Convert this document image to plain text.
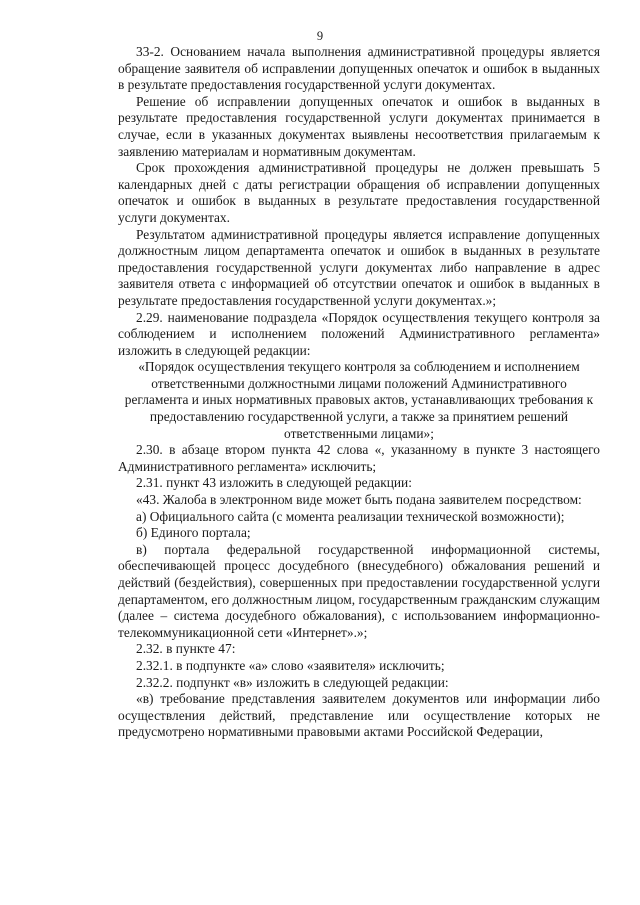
9

33-2. Основанием начала выполнения административной процедуры является обращение заявителя об исправлении допущенных опечаток и ошибок в выданных в результате предоставления государственной услуги документах.

Решение об исправлении допущенных опечаток и ошибок в выданных в результате предоставления государственной услуги документах принимается в случае, если в указанных документах выявлены несоответствия прилагаемым к заявлению материалам и нормативным документам.

Срок прохождения административной процедуры не должен превышать 5 календарных дней с даты регистрации обращения об исправлении допущенных опечаток и ошибок в выданных в результате предоставления государственной услуги документах.

Результатом административной процедуры является исправление допущенных должностным лицом департамента опечаток и ошибок в выданных в результате предоставления государственной услуги документах либо направление в адрес заявителя ответа с информацией об отсутствии опечаток и ошибок в выданных в результате предоставления государственной услуги документах.»;

2.29. наименование подраздела «Порядок осуществления текущего контроля за соблюдением и исполнением положений Административного регламента» изложить в следующей редакции:

«Порядок осуществления текущего контроля за соблюдением и исполнением ответственными должностными лицами положений Административного регламента и иных нормативных правовых актов, устанавливающих требования к предоставлению государственной услуги, а также за принятием решений ответственными лицами»;

2.30. в абзаце втором пункта 42 слова «, указанному в пункте 3 настоящего Административного регламента» исключить;

2.31. пункт 43 изложить в следующей редакции:

«43. Жалоба в электронном виде может быть подана заявителем посредством:

а) Официального сайта (с момента реализации технической возможности);

б) Единого портала;

в) портала федеральной государственной информационной системы, обеспечивающей процесс досудебного (внесудебного) обжалования решений и действий (бездействия), совершенных при предоставлении государственной услуги департаментом, его должностным лицом, государственным гражданским служащим (далее – система досудебного обжалования), с использованием информационно-телекоммуникационной сети «Интернет».»;

2.32. в пункте 47:

2.32.1. в подпункте «а» слово «заявителя» исключить;

2.32.2. подпункт «в» изложить в следующей редакции:

«в) требование представления заявителем документов или информации либо осуществления действий, представление или осуществление которых не предусмотрено нормативными правовыми актами Российской Федерации,
